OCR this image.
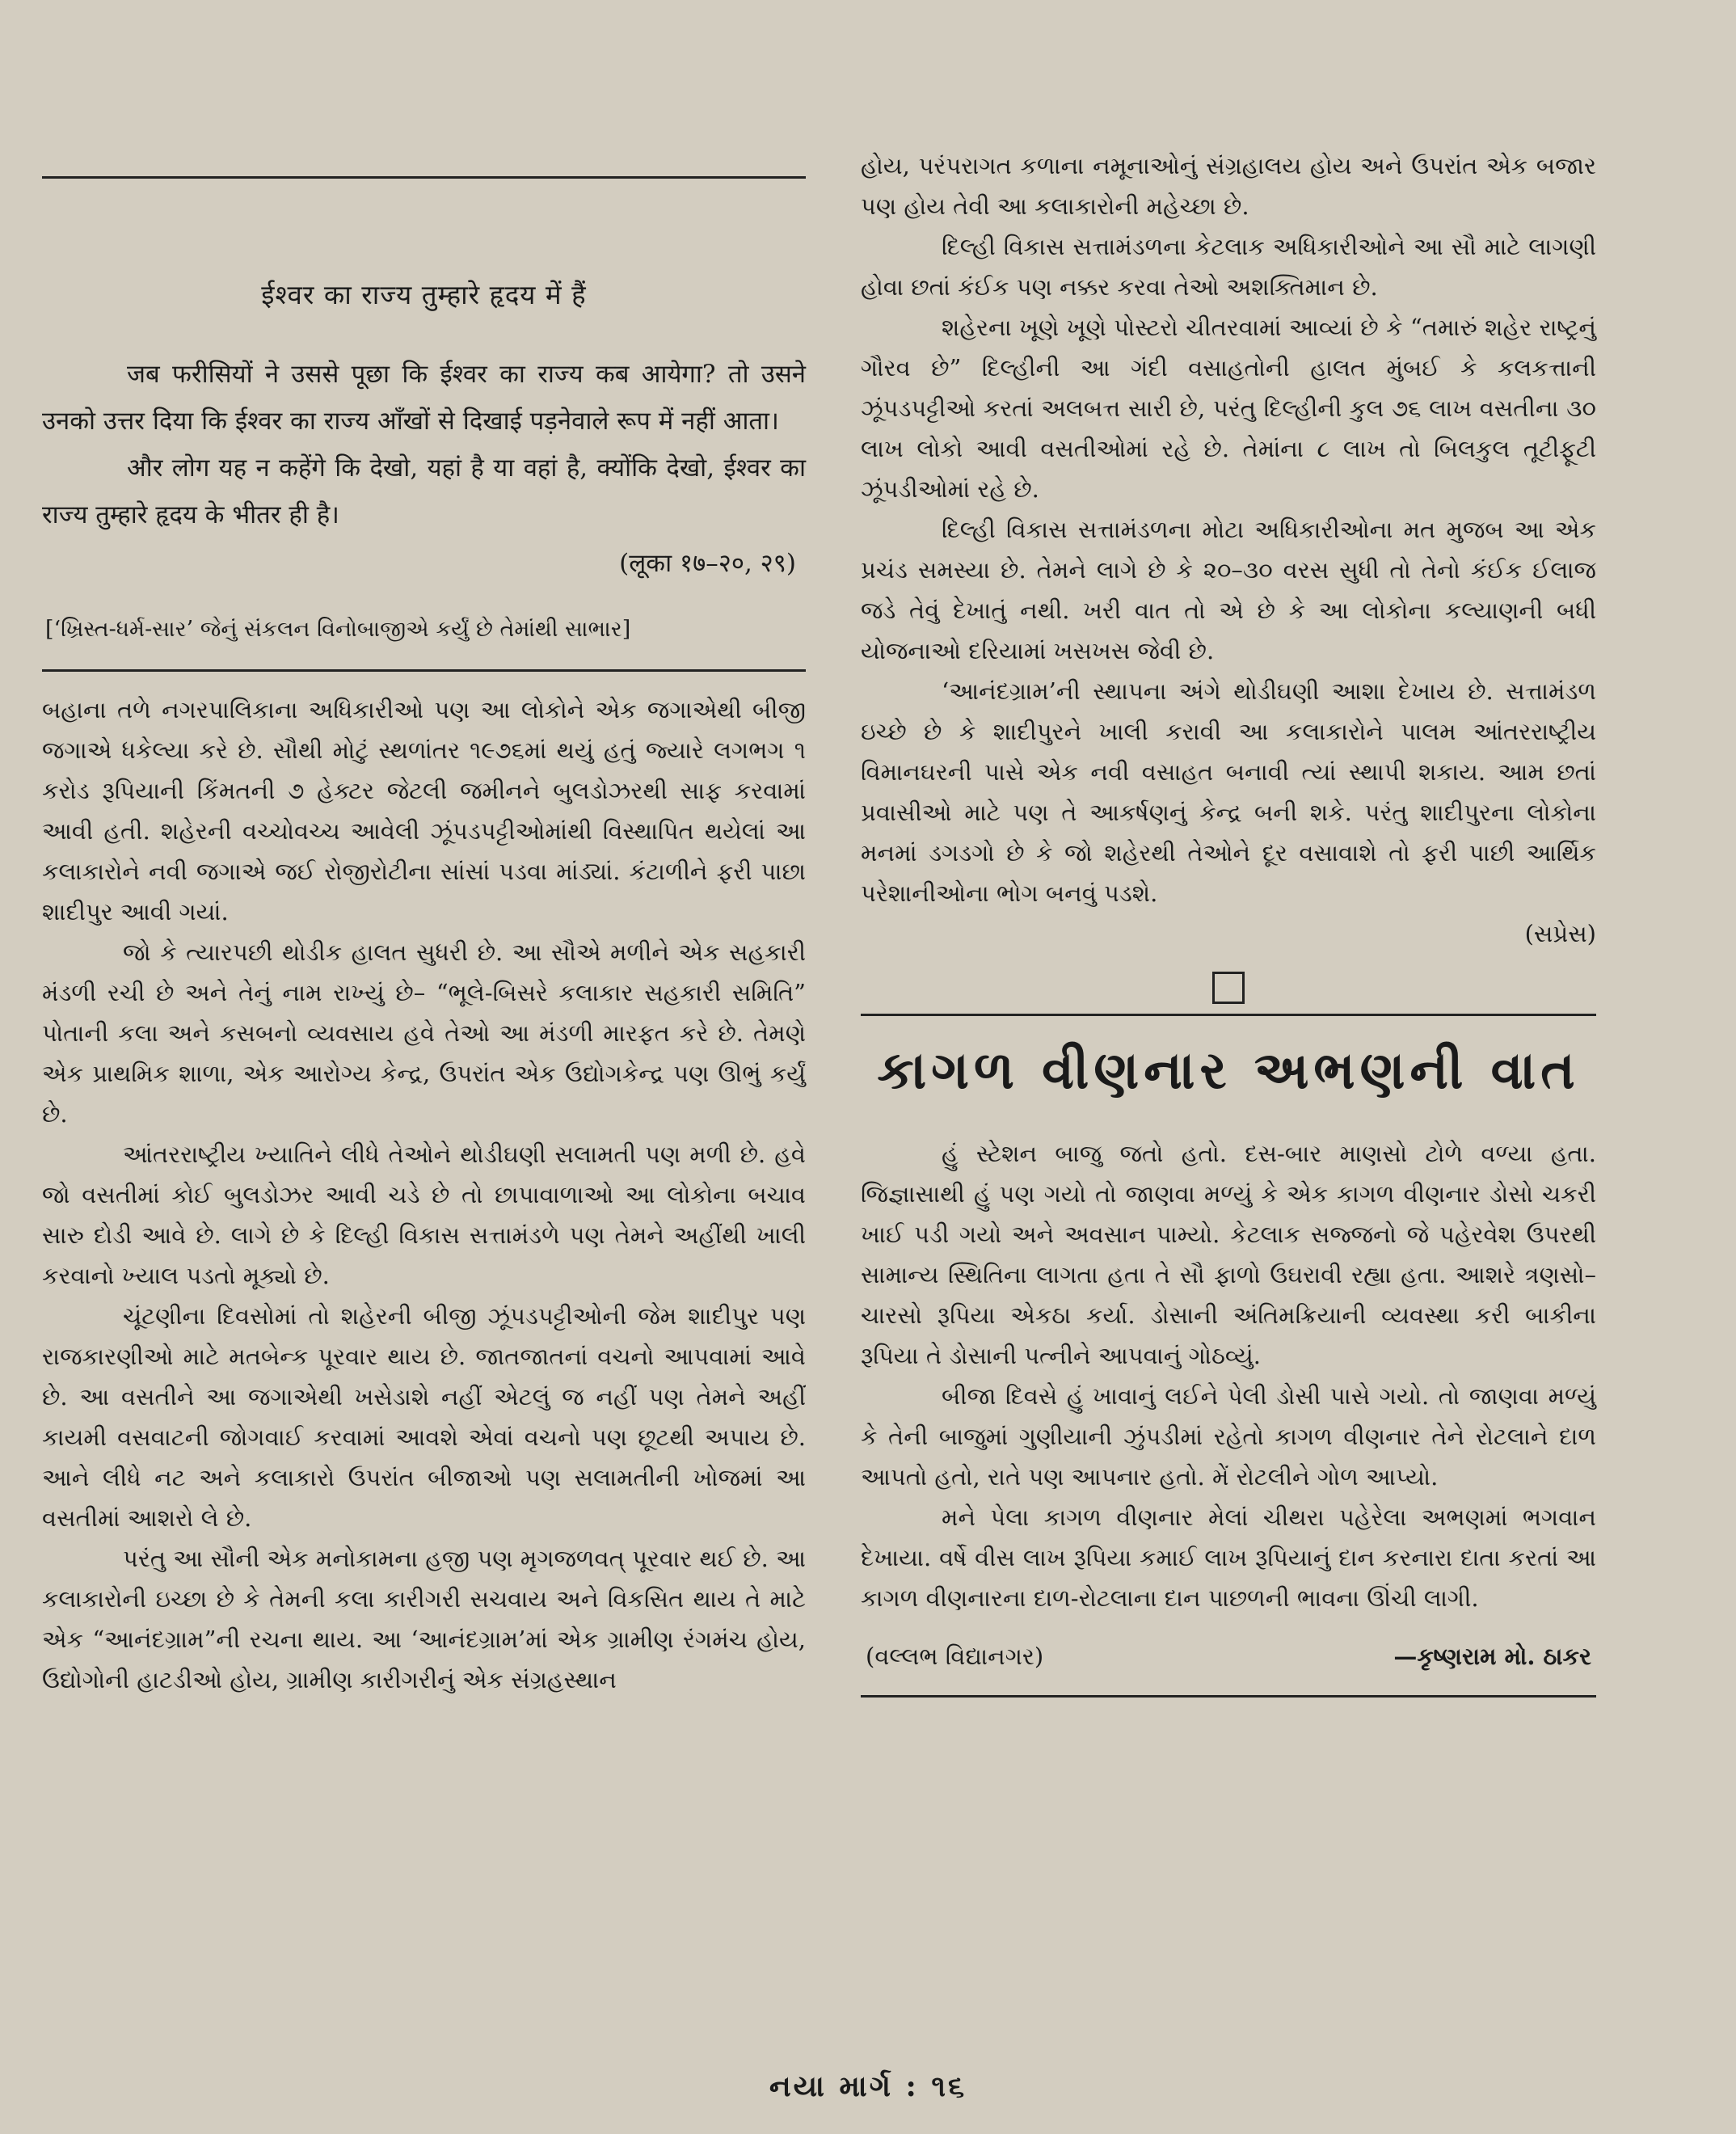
ईश्वर का राज्य तुम्हारे हृदय में हैं

जब फरीसियों ने उससे पूछा कि ईश्वर का राज्य कब आयेगा? तो उसने उनको उत्तर दिया कि ईश्वर का राज्य आँखों से दिखाई पड़नेवाले रूप में नहीं आता।

और लोग यह न कहेंगे कि देखो, यहां है या वहां है, क्योंकि देखो, ईश्वर का राज्य तुम्हारे हृदय के भीतर ही है।

(लूका १७–२०, २९)

[‘ખ્રિસ્ત-ધર્મ-સાર’ જેનું સંકલન વિનોબાજીએ કર્યું છે તેમાંથી સાભાર]

બહાના તળે નગરપાલિકાના અધિકારીઓ પણ આ લોકોને એક જગાએથી બીજી જગાએ ધકેલ્યા કરે છે. સૌથી મોટું સ્થળાંતર ૧૯૭૬માં થયું હતું જ્યારે લગભગ ૧ કરોડ રૂપિયાની કિંમતની ૭ હેક્ટર જેટલી જમીનને બુલડોઝરથી સાફ કરવામાં આવી હતી. શહેરની વચ્ચોવચ્ચ આવેલી ઝૂંપડપટ્ટીઓમાંથી વિસ્થાપિત થયેલાં આ કલાકારોને નવી જગાએ જઈ રોજીરોટીના સાંસાં પડવા માંડ્યાં. કંટાળીને ફરી પાછા શાદીપુર આવી ગયાં.

જો કે ત્યારપછી થોડીક હાલત સુધરી છે. આ સૌએ મળીને એક સહકારી મંડળી રચી છે અને તેનું નામ રાખ્યું છે– “ભૂલે-બિસરે કલાકાર સહકારી સમિતિ” પોતાની કલા અને કસબનો વ્યવસાય હવે તેઓ આ મંડળી મારફત કરે છે. તેમણે એક પ્રાથમિક શાળા, એક આરોગ્ય કેન્દ્ર, ઉપરાંત એક ઉદ્યોગકેન્દ્ર પણ ઊભું કર્યું છે.

આંતરરાષ્ટ્રીય ખ્યાતિને લીધે તેઓને થોડીઘણી સલામતી પણ મળી છે. હવે જો વસતીમાં કોઈ બુલડોઝર આવી ચડે છે તો છાપાવાળાઓ આ લોકોના બચાવ સારુ દોડી આવે છે. લાગે છે કે દિલ્હી વિકાસ સત્તામંડળે પણ તેમને અહીંથી ખાલી કરવાનો ખ્યાલ પડતો મૂક્યો છે.

ચૂંટણીના દિવસોમાં તો શહેરની બીજી ઝૂંપડપટ્ટીઓની જેમ શાદીપુર પણ રાજકારણીઓ માટે મતબેન્ક પૂરવાર થાય છે. જાતજાતનાં વચનો આપવામાં આવે છે. આ વસતીને આ જગાએથી ખસેડાશે નહીં એટલું જ નહીં પણ તેમને અહીં કાયમી વસવાટની જોગવાઈ કરવામાં આવશે એવાં વચનો પણ છૂટથી અપાય છે. આને લીધે નટ અને કલાકારો ઉપરાંત બીજાઓ પણ સલામતીની ખોજમાં આ વસતીમાં આશરો લે છે.

પરંતુ આ સૌની એક મનોકામના હજી પણ મૃગજળવત્ પૂરવાર થઈ છે. આ કલાકારોની ઇચ્છા છે કે તેમની કલા કારીગરી સચવાય અને વિકસિત થાય તે માટે એક “આનંદગ્રામ”ની રચના થાય. આ ‘આનંદગ્રામ’માં એક ગ્રામીણ રંગમંચ હોય, ઉદ્યોગોની હાટડીઓ હોય, ગ્રામીણ કારીગરીનું એક સંગ્રહસ્થાન

હોય, પરંપરાગત કળાના નમૂનાઓનું સંગ્રહાલય હોય અને ઉપરાંત એક બજાર પણ હોય તેવી આ કલાકારોની મહેચ્છા છે.

દિલ્હી વિકાસ સત્તામંડળના કેટલાક અધિકારીઓને આ સૌ માટે લાગણી હોવા છતાં કંઈક પણ નક્કર કરવા તેઓ અશક્તિમાન છે.

શહેરના ખૂણે ખૂણે પોસ્ટરો ચીતરવામાં આવ્યાં છે કે “તમારું શહેર રાષ્ટ્રનું ગૌરવ છે” દિલ્હીની આ ગંદી વસાહતોની હાલત મુંબઈ કે કલકત્તાની ઝૂંપડપટ્ટીઓ કરતાં અલબત્ત સારી છે, પરંતુ દિલ્હીની કુલ ૭૬ લાખ વસતીના ૩૦ લાખ લોકો આવી વસતીઓમાં રહે છે. તેમાંના ૮ લાખ તો બિલકુલ તૂટીફૂટી ઝૂંપડીઓમાં રહે છે.

દિલ્હી વિકાસ સત્તામંડળના મોટા અધિકારીઓના મત મુજબ આ એક પ્રચંડ સમસ્યા છે. તેમને લાગે છે કે ૨૦–૩૦ વરસ સુધી તો તેનો કંઈક ઈલાજ જડે તેવું દેખાતું નથી. ખરી વાત તો એ છે કે આ લોકોના કલ્યાણની બધી યોજનાઓ દરિયામાં ખસખસ જેવી છે.

‘આનંદગ્રામ’ની સ્થાપના અંગે થોડીઘણી આશા દેખાય છે. સત્તામંડળ ઇચ્છે છે કે શાદીપુરને ખાલી કરાવી આ કલાકારોને પાલમ આંતરરાષ્ટ્રીય વિમાનઘરની પાસે એક નવી વસાહત બનાવી ત્યાં સ્થાપી શકાય. આમ છતાં પ્રવાસીઓ માટે પણ તે આકર્ષણનું કેન્દ્ર બની શકે. પરંતુ શાદીપુરના લોકોના મનમાં ડગડગો છે કે જો શહેરથી તેઓને દૂર વસાવાશે તો ફરી પાછી આર્થિક પરેશાનીઓના ભોગ બનવું પડશે.

(સપ્રેસ)

કાગળ વીણનાર અભણની વાત

હું સ્ટેશન બાજુ જતો હતો. દસ-બાર માણસો ટોળે વળ્યા હતા. જિજ્ઞાસાથી હું પણ ગયો તો જાણવા મળ્યું કે એક કાગળ વીણનાર ડોસો ચકરી ખાઈ પડી ગયો અને અવસાન પામ્યો. કેટલાક સજ્જનો જે પહેરવેશ ઉપરથી સામાન્ય સ્થિતિના લાગતા હતા તે સૌ ફાળો ઉઘરાવી રહ્યા હતા. આશરે ત્રણસો–ચારસો રૂપિયા એકઠા કર્યા. ડોસાની અંતિમક્રિયાની વ્યવસ્થા કરી બાકીના રૂપિયા તે ડોસાની પત્નીને આપવાનું ગોઠવ્યું.

બીજા દિવસે હું ખાવાનું લઈને પેલી ડોસી પાસે ગયો. તો જાણવા મળ્યું કે તેની બાજુમાં ગુણીયાની ઝુંપડીમાં રહેતો કાગળ વીણનાર તેને રોટલાને દાળ આપતો હતો, રાતે પણ આપનાર હતો. મેં રોટલીને ગોળ આપ્યો.

મને પેલા કાગળ વીણનાર મેલાં ચીથરા પહેરેલા અભણમાં ભગવાન દેખાયા. વર્ષે વીસ લાખ રૂપિયા કમાઈ લાખ રૂપિયાનું દાન કરનારા દાતા કરતાં આ કાગળ વીણનારના દાળ-રોટલાના દાન પાછળની ભાવના ઊંચી લાગી.

(વલ્લભ વિદ્યાનગર)	—કૃષ્ણરામ મો. ઠાકર
નયા માર્ગ : ૧૬
